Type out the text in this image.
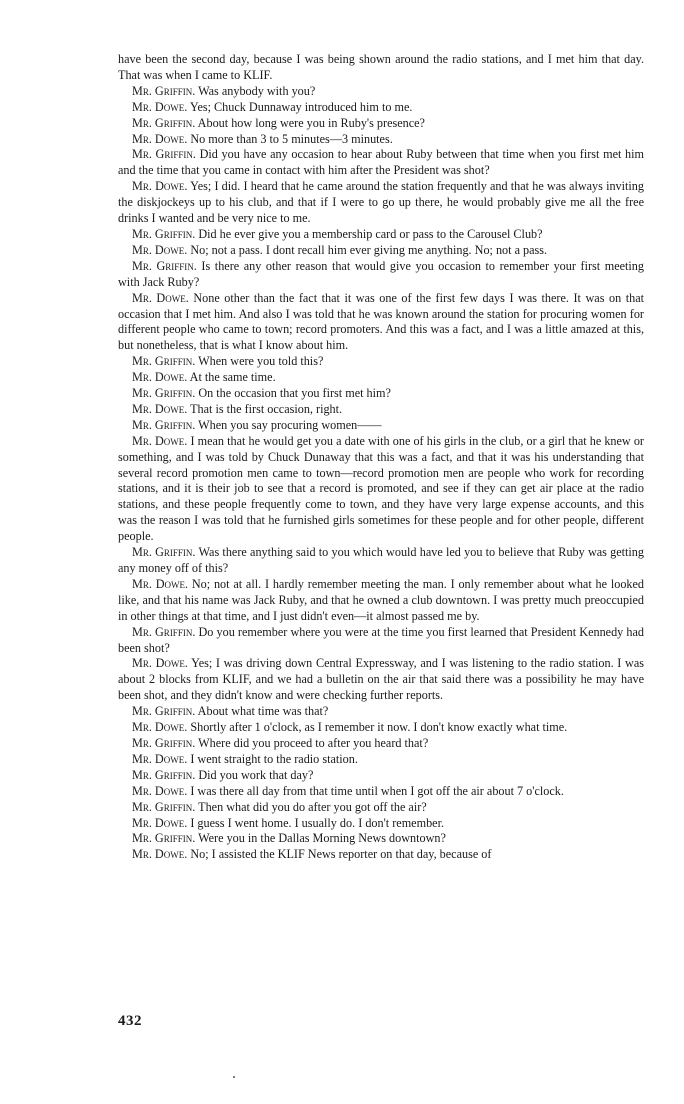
have been the second day, because I was being shown around the radio stations, and I met him that day. That was when I came to KLIF.

Mr. Griffin. Was anybody with you?

Mr. Dowe. Yes; Chuck Dunnaway introduced him to me.

Mr. Griffin. About how long were you in Ruby's presence?

Mr. Dowe. No more than 3 to 5 minutes—3 minutes.

Mr. Griffin. Did you have any occasion to hear about Ruby between that time when you first met him and the time that you came in contact with him after the President was shot?

Mr. Dowe. Yes; I did. I heard that he came around the station frequently and that he was always inviting the diskjockeys up to his club, and that if I were to go up there, he would probably give me all the free drinks I wanted and be very nice to me.

Mr. Griffin. Did he ever give you a membership card or pass to the Carousel Club?

Mr. Dowe. No; not a pass. I dont recall him ever giving me anything. No; not a pass.

Mr. Griffin. Is there any other reason that would give you occasion to remember your first meeting with Jack Ruby?

Mr. Dowe. None other than the fact that it was one of the first few days I was there. It was on that occasion that I met him. And also I was told that he was known around the station for procuring women for different people who came to town; record promoters. And this was a fact, and I was a little amazed at this, but nonetheless, that is what I know about him.

Mr. Griffin. When were you told this?

Mr. Dowe. At the same time.

Mr. Griffin. On the occasion that you first met him?

Mr. Dowe. That is the first occasion, right.

Mr. Griffin. When you say procuring women——

Mr. Dowe. I mean that he would get you a date with one of his girls in the club, or a girl that he knew or something, and I was told by Chuck Dunaway that this was a fact, and that it was his understanding that several record promotion men came to town—record promotion men are people who work for recording stations, and it is their job to see that a record is promoted, and see if they can get air place at the radio stations, and these people frequently come to town, and they have very large expense accounts, and this was the reason I was told that he furnished girls sometimes for these people and for other people, different people.

Mr. Griffin. Was there anything said to you which would have led you to believe that Ruby was getting any money off of this?

Mr. Dowe. No; not at all. I hardly remember meeting the man. I only remember about what he looked like, and that his name was Jack Ruby, and that he owned a club downtown. I was pretty much preoccupied in other things at that time, and I just didn't even—it almost passed me by.

Mr. Griffin. Do you remember where you were at the time you first learned that President Kennedy had been shot?

Mr. Dowe. Yes; I was driving down Central Expressway, and I was listening to the radio station. I was about 2 blocks from KLIF, and we had a bulletin on the air that said there was a possibility he may have been shot, and they didn't know and were checking further reports.

Mr. Griffin. About what time was that?

Mr. Dowe. Shortly after 1 o'clock, as I remember it now. I don't know exactly what time.

Mr. Griffin. Where did you proceed to after you heard that?

Mr. Dowe. I went straight to the radio station.

Mr. Griffin. Did you work that day?

Mr. Dowe. I was there all day from that time until when I got off the air about 7 o'clock.

Mr. Griffin. Then what did you do after you got off the air?

Mr. Dowe. I guess I went home. I usually do. I don't remember.

Mr. Griffin. Were you in the Dallas Morning News downtown?

Mr. Dowe. No; I assisted the KLIF News reporter on that day, because of

432
